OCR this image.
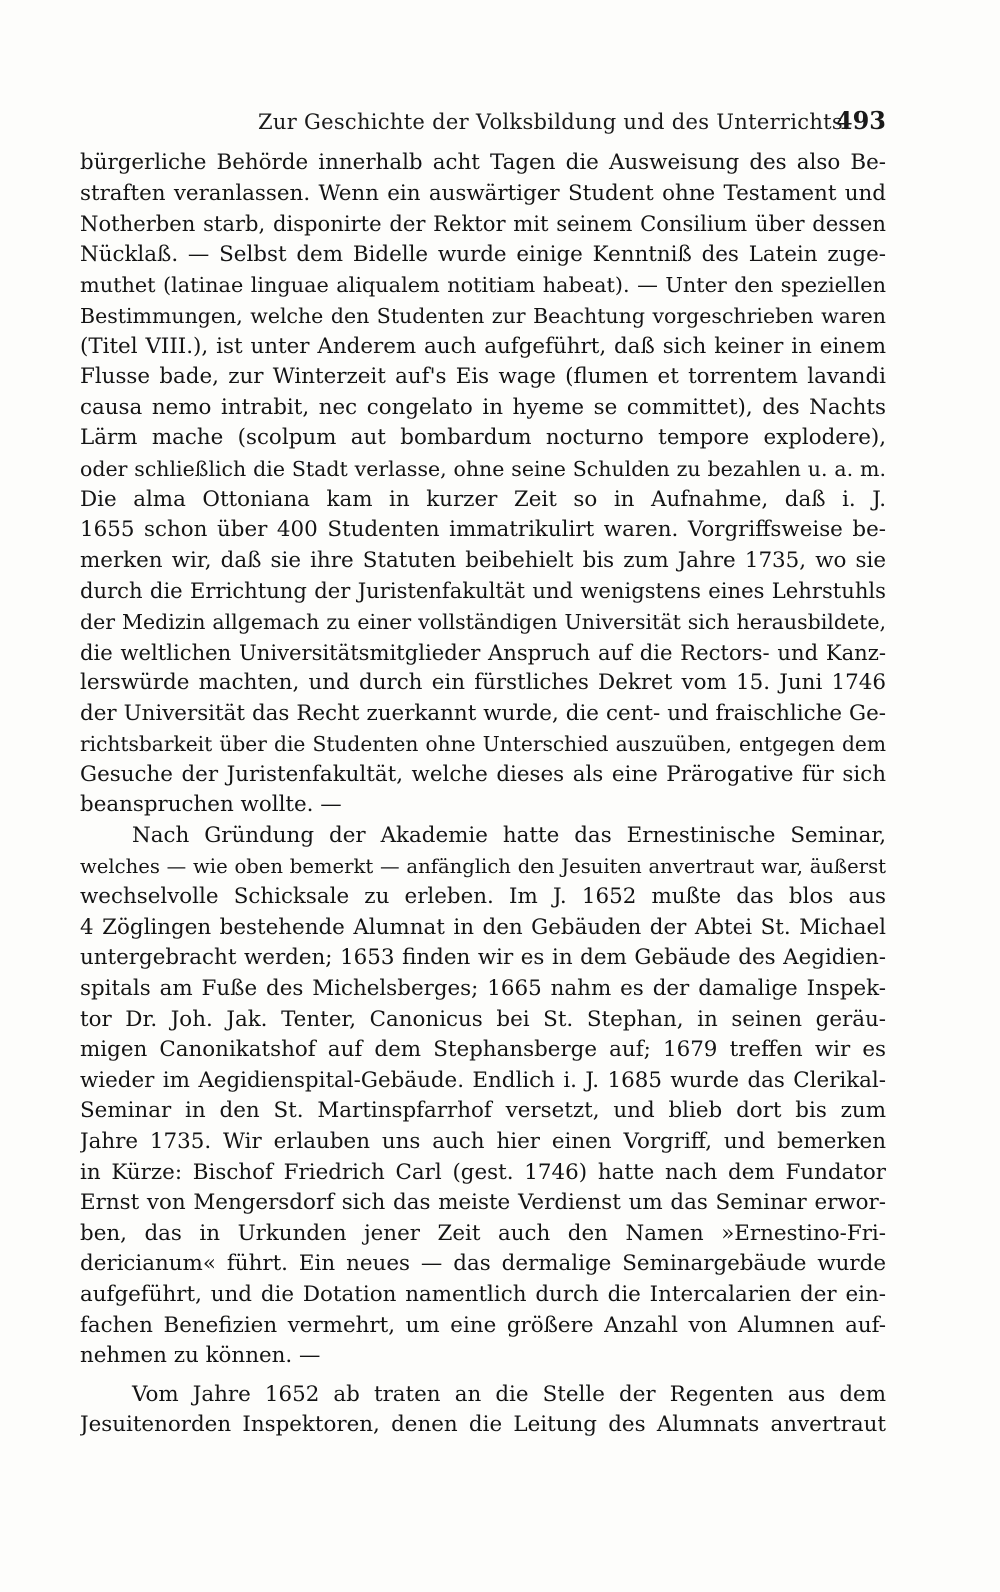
Zur Geschichte der Volksbildung und des Unterrichts.
493
bürgerliche Behörde innerhalb acht Tagen die Ausweisung des also Be-
straften veranlassen. Wenn ein auswärtiger Student ohne Testament und
Notherben starb, disponirte der Rektor mit seinem Consilium über dessen
Nücklaß. — Selbst dem Bidelle wurde einige Kenntniß des Latein zuge-
muthet (latinae linguae aliqualem notitiam habeat). — Unter den speziellen
Bestimmungen, welche den Studenten zur Beachtung vorgeschrieben waren
(Titel VIII.), ist unter Anderem auch aufgeführt, daß sich keiner in einem
Flusse bade, zur Winterzeit auf's Eis wage (flumen et torrentem lavandi
causa nemo intrabit, nec congelato in hyeme se committet), des Nachts
Lärm mache (scolpum aut bombardum nocturno tempore explodere),
oder schließlich die Stadt verlasse, ohne seine Schulden zu bezahlen u. a. m.
Die alma Ottoniana kam in kurzer Zeit so in Aufnahme, daß i. J.
1655 schon über 400 Studenten immatrikulirt waren. Vorgriffsweise be-
merken wir, daß sie ihre Statuten beibehielt bis zum Jahre 1735, wo sie
durch die Errichtung der Juristenfakultät und wenigstens eines Lehrstuhls
der Medizin allgemach zu einer vollständigen Universität sich herausbildete,
die weltlichen Universitätsmitglieder Anspruch auf die Rectors- und Kanz-
lerswürde machten, und durch ein fürstliches Dekret vom 15. Juni 1746
der Universität das Recht zuerkannt wurde, die cent- und fraischliche Ge-
richtsbarkeit über die Studenten ohne Unterschied auszuüben, entgegen dem
Gesuche der Juristenfakultät, welche dieses als eine Prärogative für sich
beanspruchen wollte. —
Nach Gründung der Akademie hatte das Ernestinische Seminar,
welches — wie oben bemerkt — anfänglich den Jesuiten anvertraut war, äußerst
wechselvolle Schicksale zu erleben. Im J. 1652 mußte das blos aus
4 Zöglingen bestehende Alumnat in den Gebäuden der Abtei St. Michael
untergebracht werden; 1653 finden wir es in dem Gebäude des Aegidien-
spitals am Fuße des Michelsberges; 1665 nahm es der damalige Inspek-
tor Dr. Joh. Jak. Tenter, Canonicus bei St. Stephan, in seinen geräu-
migen Canonikatshof auf dem Stephansberge auf; 1679 treffen wir es
wieder im Aegidienspital-Gebäude. Endlich i. J. 1685 wurde das Clerikal-
Seminar in den St. Martinspfarrhof versetzt, und blieb dort bis zum
Jahre 1735. Wir erlauben uns auch hier einen Vorgriff, und bemerken
in Kürze: Bischof Friedrich Carl (gest. 1746) hatte nach dem Fundator
Ernst von Mengersdorf sich das meiste Verdienst um das Seminar erwor-
ben, das in Urkunden jener Zeit auch den Namen »Ernestino-Fri-
dericianum« führt. Ein neues — das dermalige Seminargebäude wurde
aufgeführt, und die Dotation namentlich durch die Intercalarien der ein-
fachen Benefizien vermehrt, um eine größere Anzahl von Alumnen auf-
nehmen zu können. —
Vom Jahre 1652 ab traten an die Stelle der Regenten aus dem
Jesuitenorden Inspektoren, denen die Leitung des Alumnats anvertraut
